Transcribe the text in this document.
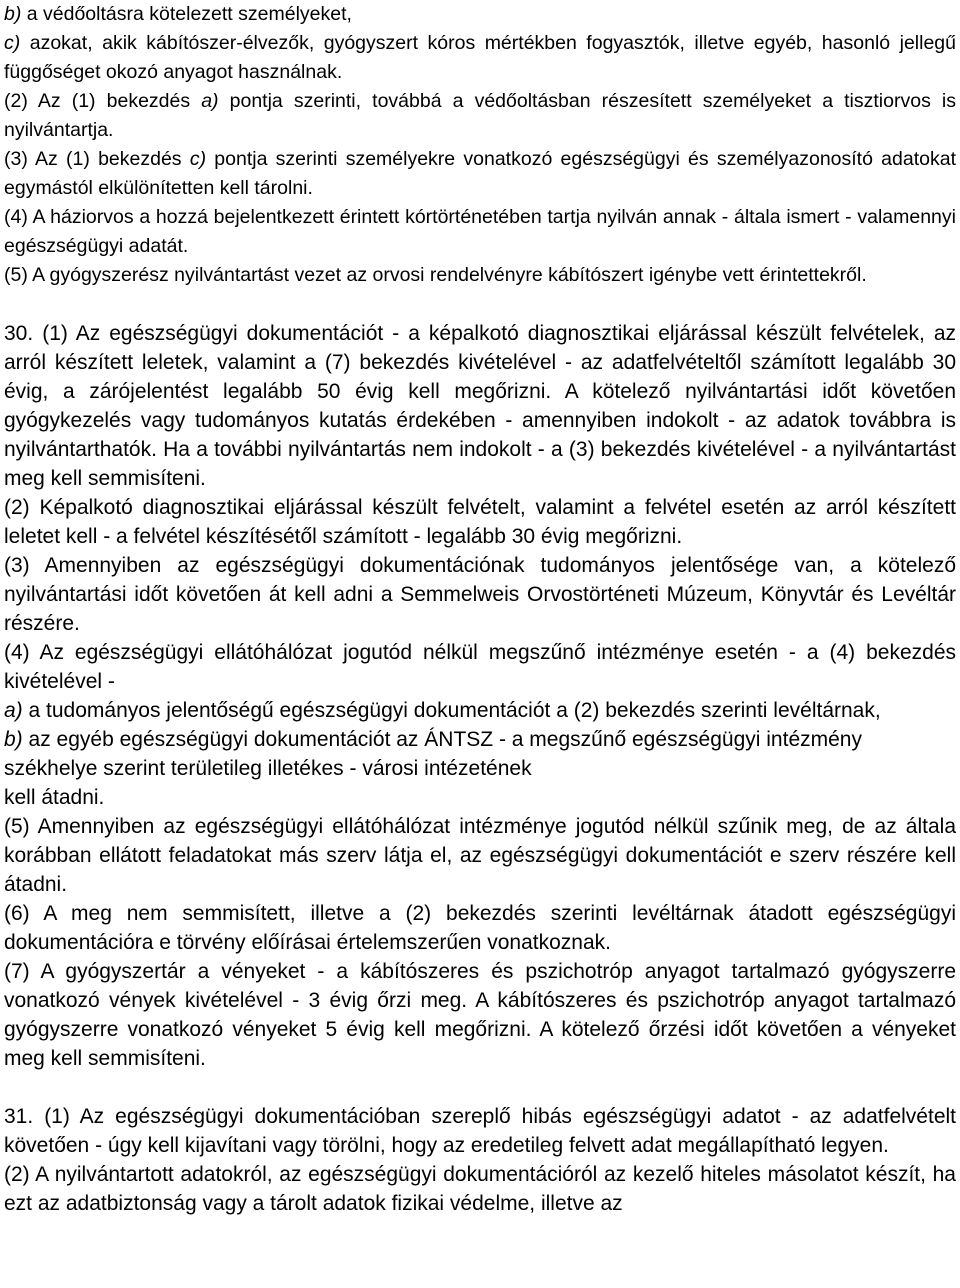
b) a védőoltásra kötelezett személyeket,

c) azokat, akik kábítószer-élvezők, gyógyszert kóros mértékben fogyasztók, illetve egyéb, hasonló jellegű függőséget okozó anyagot használnak.

(2) Az (1) bekezdés a) pontja szerinti, továbbá a védőoltásban részesített személyeket a tisztiorvos is nyilvántartja.

(3) Az (1) bekezdés c) pontja szerinti személyekre vonatkozó egészségügyi és személyazonosító adatokat egymástól elkülönítetten kell tárolni.

(4) A háziorvos a hozzá bejelentkezett érintett kórtörténetében tartja nyilván annak - általa ismert - valamennyi egészségügyi adatát.

(5) A gyógyszerész nyilvántartást vezet az orvosi rendelvényre kábítószert igénybe vett érintettekről.

30. (1) Az egészségügyi dokumentációt - a képalkotó diagnosztikai eljárással készült felvételek, az arról készített leletek, valamint a (7) bekezdés kivételével - az adatfelvételtől számított legalább 30 évig, a zárójelentést legalább 50 évig kell megőrizni. A kötelező nyilvántartási időt követően gyógykezelés vagy tudományos kutatás érdekében - amennyiben indokolt - az adatok továbbra is nyilvántarthatók. Ha a további nyilvántartás nem indokolt - a (3) bekezdés kivételével - a nyilvántartást meg kell semmisíteni.

(2) Képalkotó diagnosztikai eljárással készült felvételt, valamint a felvétel esetén az arról készített leletet kell - a felvétel készítésétől számított - legalább 30 évig megőrizni.

(3) Amennyiben az egészségügyi dokumentációnak tudományos jelentősége van, a kötelező nyilvántartási időt követően át kell adni a Semmelweis Orvostörténeti Múzeum, Könyvtár és Levéltár részére.

(4) Az egészségügyi ellátóhálózat jogutód nélkül megszűnő intézménye esetén - a (4) bekezdés kivételével -

a) a tudományos jelentőségű egészségügyi dokumentációt a (2) bekezdés szerinti levéltárnak,

b) az egyéb egészségügyi dokumentációt az ÁNTSZ - a megszűnő egészségügyi intézmény székhelye szerint területileg illetékes - városi intézetének

kell átadni.

(5) Amennyiben az egészségügyi ellátóhálózat intézménye jogutód nélkül szűnik meg, de az általa korábban ellátott feladatokat más szerv látja el, az egészségügyi dokumentációt e szerv részére kell átadni.

(6) A meg nem semmisített, illetve a (2) bekezdés szerinti levéltárnak átadott egészségügyi dokumentációra e törvény előírásai értelemszerűen vonatkoznak.

(7) A gyógyszertár a vényeket - a kábítószeres és pszichotróp anyagot tartalmazó gyógyszerre vonatkozó vények kivételével - 3 évig őrzi meg. A kábítószeres és pszichotróp anyagot tartalmazó gyógyszerre vonatkozó vényeket 5 évig kell megőrizni. A kötelező őrzési időt követően a vényeket meg kell semmisíteni.

31. (1) Az egészségügyi dokumentációban szereplő hibás egészségügyi adatot - az adatfelvételt követően - úgy kell kijavítani vagy törölni, hogy az eredetileg felvett adat megállapítható legyen.

(2) A nyilvántartott adatokról, az egészségügyi dokumentációról az kezelő hiteles másolatot készít, ha ezt az adatbiztonság vagy a tárolt adatok fizikai védelme, illetve az
